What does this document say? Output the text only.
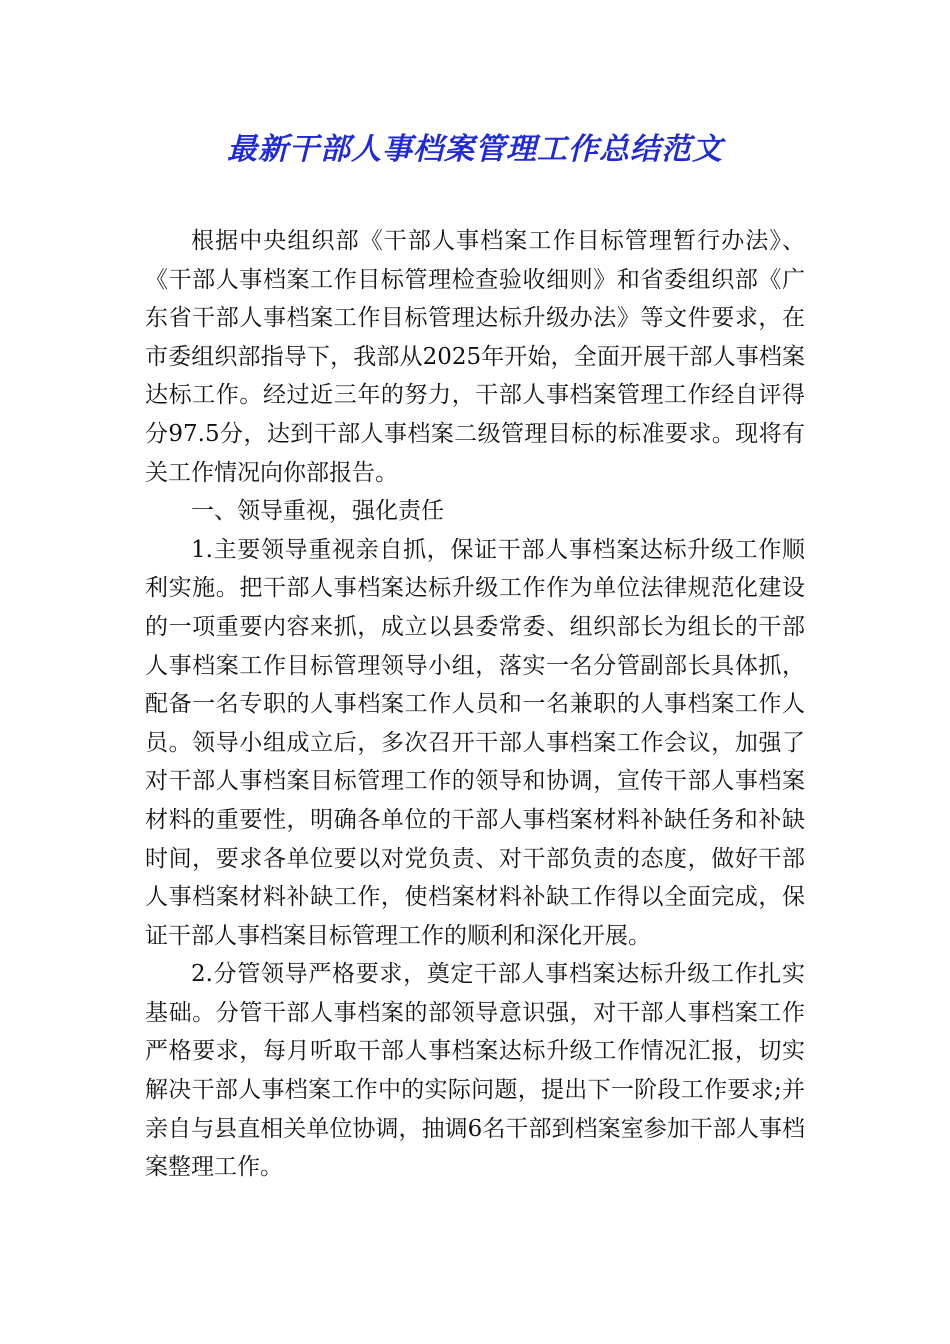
最新干部人事档案管理工作总结范文

根据中央组织部《干部人事档案工作目标管理暂行办法》、《干部人事档案工作目标管理检查验收细则》和省委组织部《广东省干部人事档案工作目标管理达标升级办法》等文件要求，在市委组织部指导下，我部从2025年开始，全面开展干部人事档案达标工作。经过近三年的努力，干部人事档案管理工作经自评得分97.5分，达到干部人事档案二级管理目标的标准要求。现将有关工作情况向你部报告。

一、领导重视，强化责任

1.主要领导重视亲自抓，保证干部人事档案达标升级工作顺利实施。把干部人事档案达标升级工作作为单位法律规范化建设的一项重要内容来抓，成立以县委常委、组织部长为组长的干部人事档案工作目标管理领导小组，落实一名分管副部长具体抓，配备一名专职的人事档案工作人员和一名兼职的人事档案工作人员。领导小组成立后，多次召开干部人事档案工作会议，加强了对干部人事档案目标管理工作的领导和协调，宣传干部人事档案材料的重要性，明确各单位的干部人事档案材料补缺任务和补缺时间，要求各单位要以对党负责、对干部负责的态度，做好干部人事档案材料补缺工作，使档案材料补缺工作得以全面完成，保证干部人事档案目标管理工作的顺利和深化开展。

2.分管领导严格要求，奠定干部人事档案达标升级工作扎实基础。分管干部人事档案的部领导意识强，对干部人事档案工作严格要求，每月听取干部人事档案达标升级工作情况汇报，切实解决干部人事档案工作中的实际问题，提出下一阶段工作要求;并亲自与县直相关单位协调，抽调6名干部到档案室参加干部人事档案整理工作。
